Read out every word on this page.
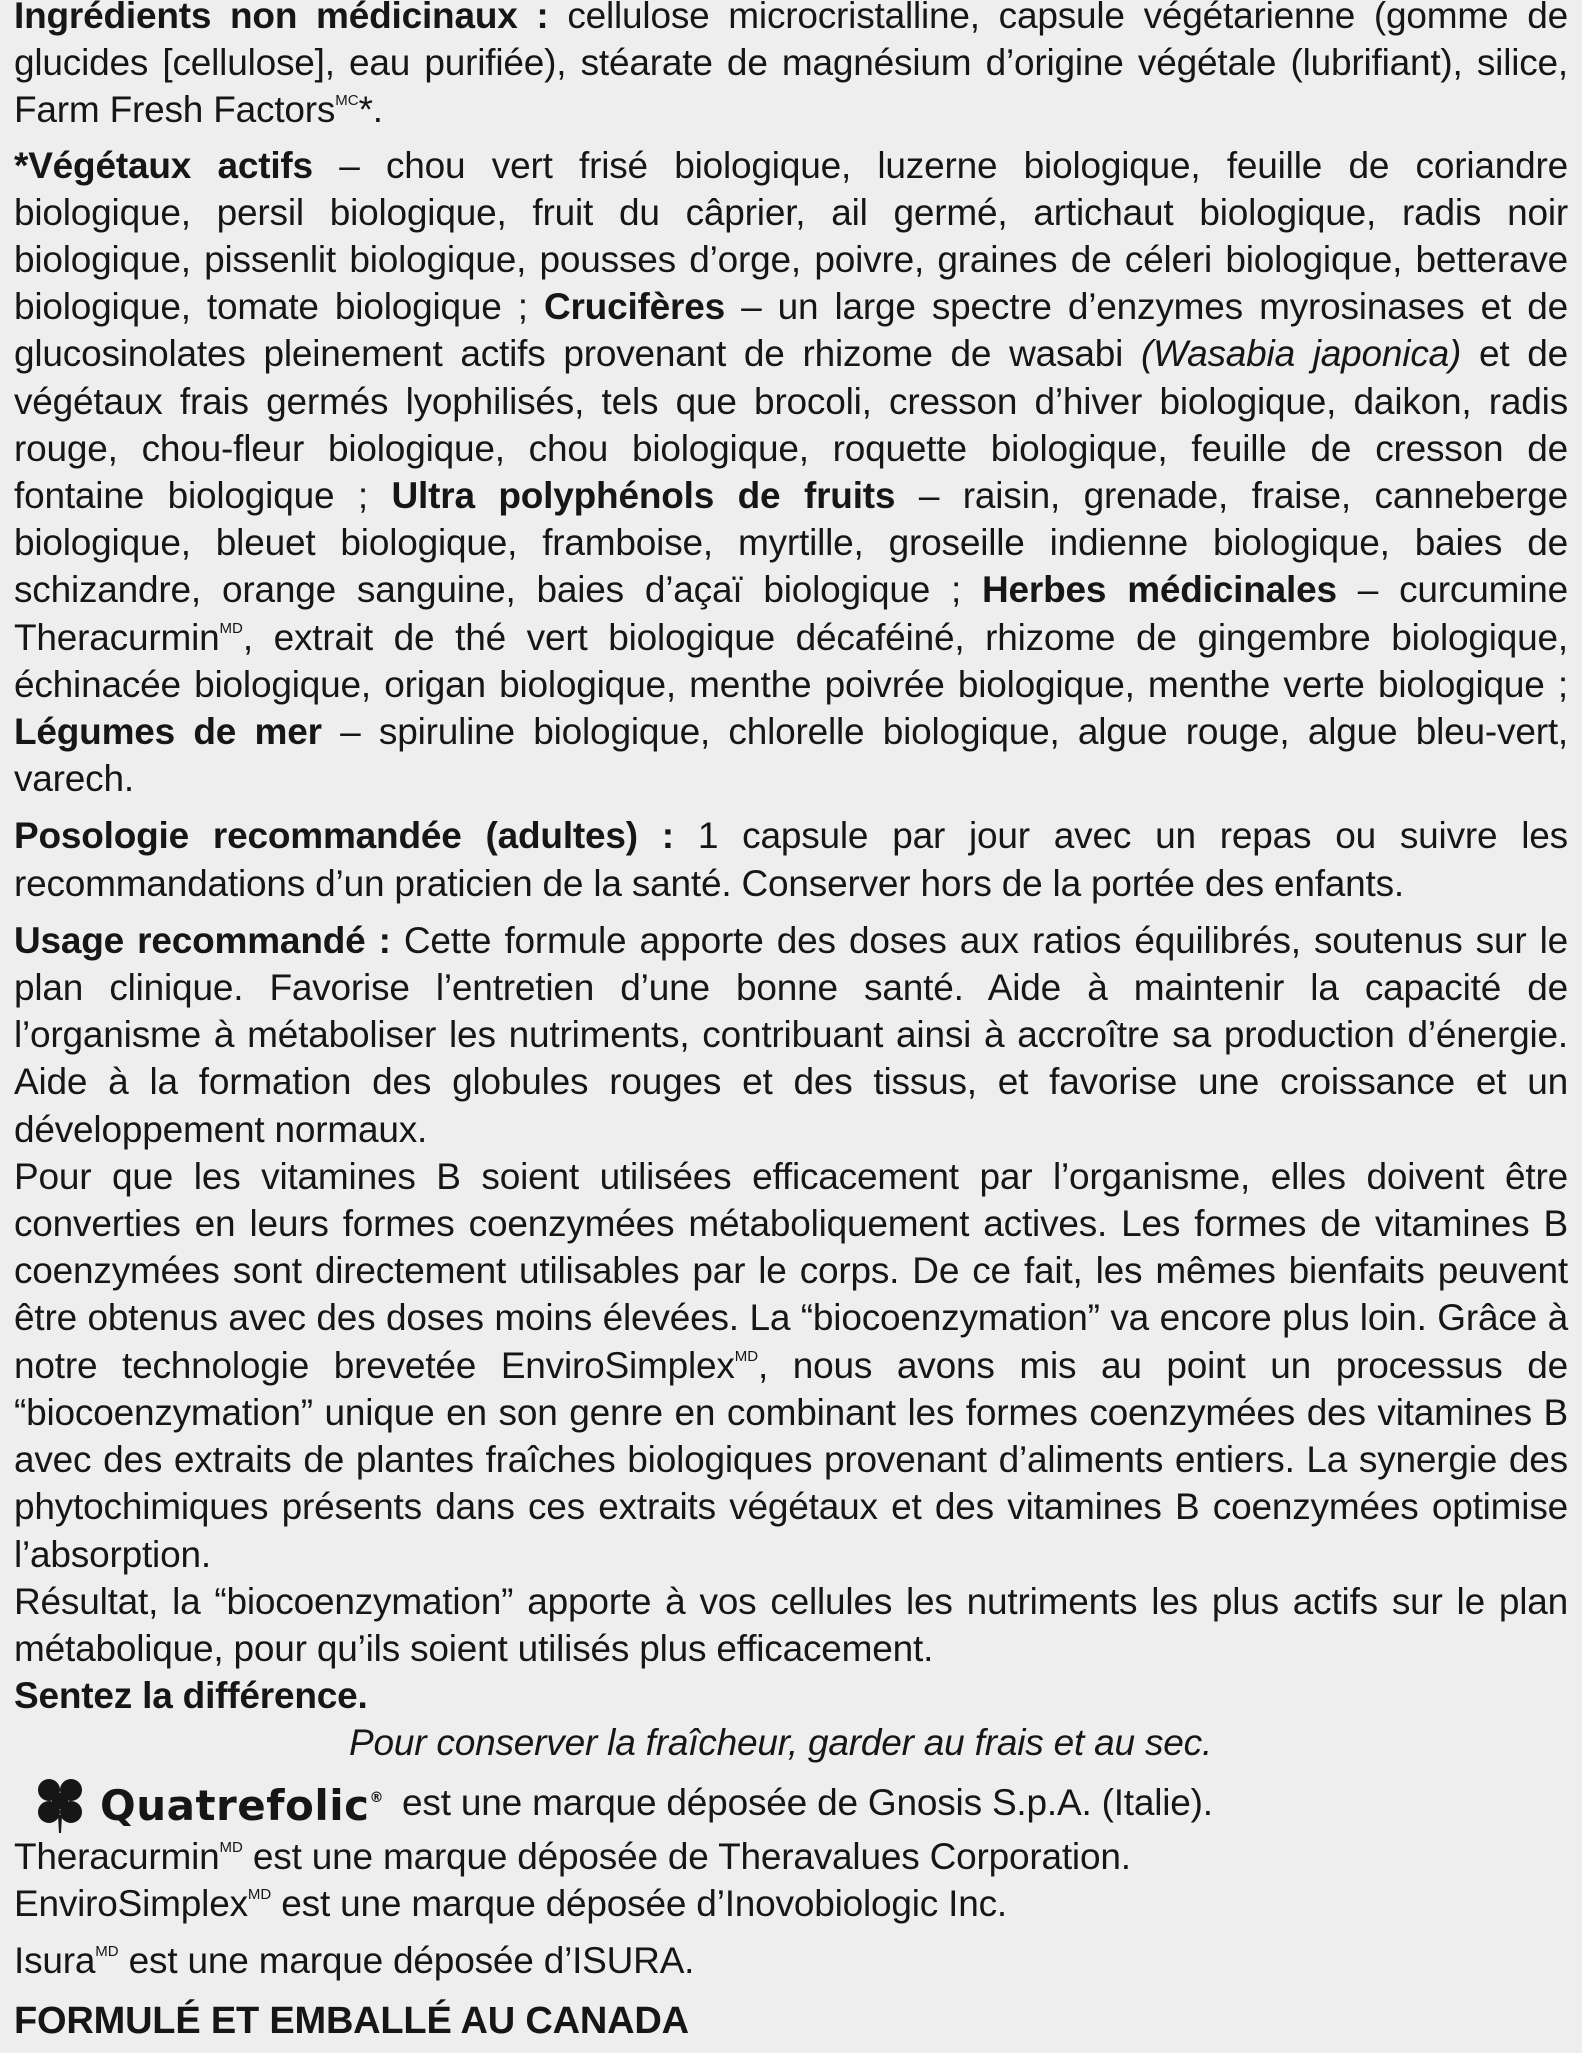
Ingrédients non médicinaux : cellulose microcristalline, capsule végétarienne (gomme de glucides [cellulose], eau purifiée), stéarate de magnésium d’origine végétale (lubrifiant), silice, Farm Fresh Factors$^{MC}$*.

*Végétaux actifs – chou vert frisé biologique, luzerne biologique, feuille de coriandre biologique, persil biologique, fruit du câprier, ail germé, artichaut biologique, radis noir biologique, pissenlit biologique, pousses d’orge, poivre, graines de céleri biologique, betterave biologique, tomate biologique ; Crucifères – un large spectre d’enzymes myrosinases et de glucosinolates pleinement actifs provenant de rhizome de wasabi (Wasabia japonica) et de végétaux frais germés lyophilisés, tels que brocoli, cresson d’hiver biologique, daikon, radis rouge, chou-fleur biologique, chou biologique, roquette biologique, feuille de cresson de fontaine biologique ; Ultra polyphénols de fruits – raisin, grenade, fraise, canneberge biologique, bleuet biologique, framboise, myrtille, groseille indienne biologique, baies de schizandre, orange sanguine, baies d’açaï biologique ; Herbes médicinales – curcumine Theracurmin$^{MD}$, extrait de thé vert biologique décaféiné, rhizome de gingembre biologique, échinacée biologique, origan biologique, menthe poivrée biologique, menthe verte biologique ; Légumes de mer – spiruline biologique, chlorelle biologique, algue rouge, algue bleu-vert, varech.

Posologie recommandée (adultes) : 1 capsule par jour avec un repas ou suivre les recommandations d’un praticien de la santé. Conserver hors de la portée des enfants.

Usage recommandé : Cette formule apporte des doses aux ratios équilibrés, soutenus sur le plan clinique. Favorise l’entretien d’une bonne santé. Aide à maintenir la capacité de l’organisme à métaboliser les nutriments, contribuant ainsi à accroître sa production d’énergie. Aide à la formation des globules rouges et des tissus, et favorise une croissance et un développement normaux.

Pour que les vitamines B soient utilisées efficacement par l’organisme, elles doivent être converties en leurs formes coenzymées métaboliquement actives. Les formes de vitamines B coenzymées sont directement utilisables par le corps. De ce fait, les mêmes bienfaits peuvent être obtenus avec des doses moins élevées. La “biocoenzymation” va encore plus loin. Grâce à notre technologie brevetée EnviroSimplex$^{MD}$, nous avons mis au point un processus de “biocoenzymation” unique en son genre en combinant les formes coenzymées des vitamines B avec des extraits de plantes fraîches biologiques provenant d’aliments entiers. La synergie des phytochimiques présents dans ces extraits végétaux et des vitamines B coenzymées optimise l’absorption.

Résultat, la “biocoenzymation” apporte à vos cellules les nutriments les plus actifs sur le plan métabolique, pour qu’ils soient utilisés plus efficacement.

Sentez la différence.

Pour conserver la fraîcheur, garder au frais et au sec.

Quatrefolic® est une marque déposée de Gnosis S.p.A. (Italie).

Theracurmin$^{MD}$ est une marque déposée de Theravalues Corporation.

EnviroSimplex$^{MD}$ est une marque déposée d’Inovobiologic Inc.

Isura$^{MD}$ est une marque déposée d’ISURA.

FORMULÉ ET EMBALLÉ AU CANADA
